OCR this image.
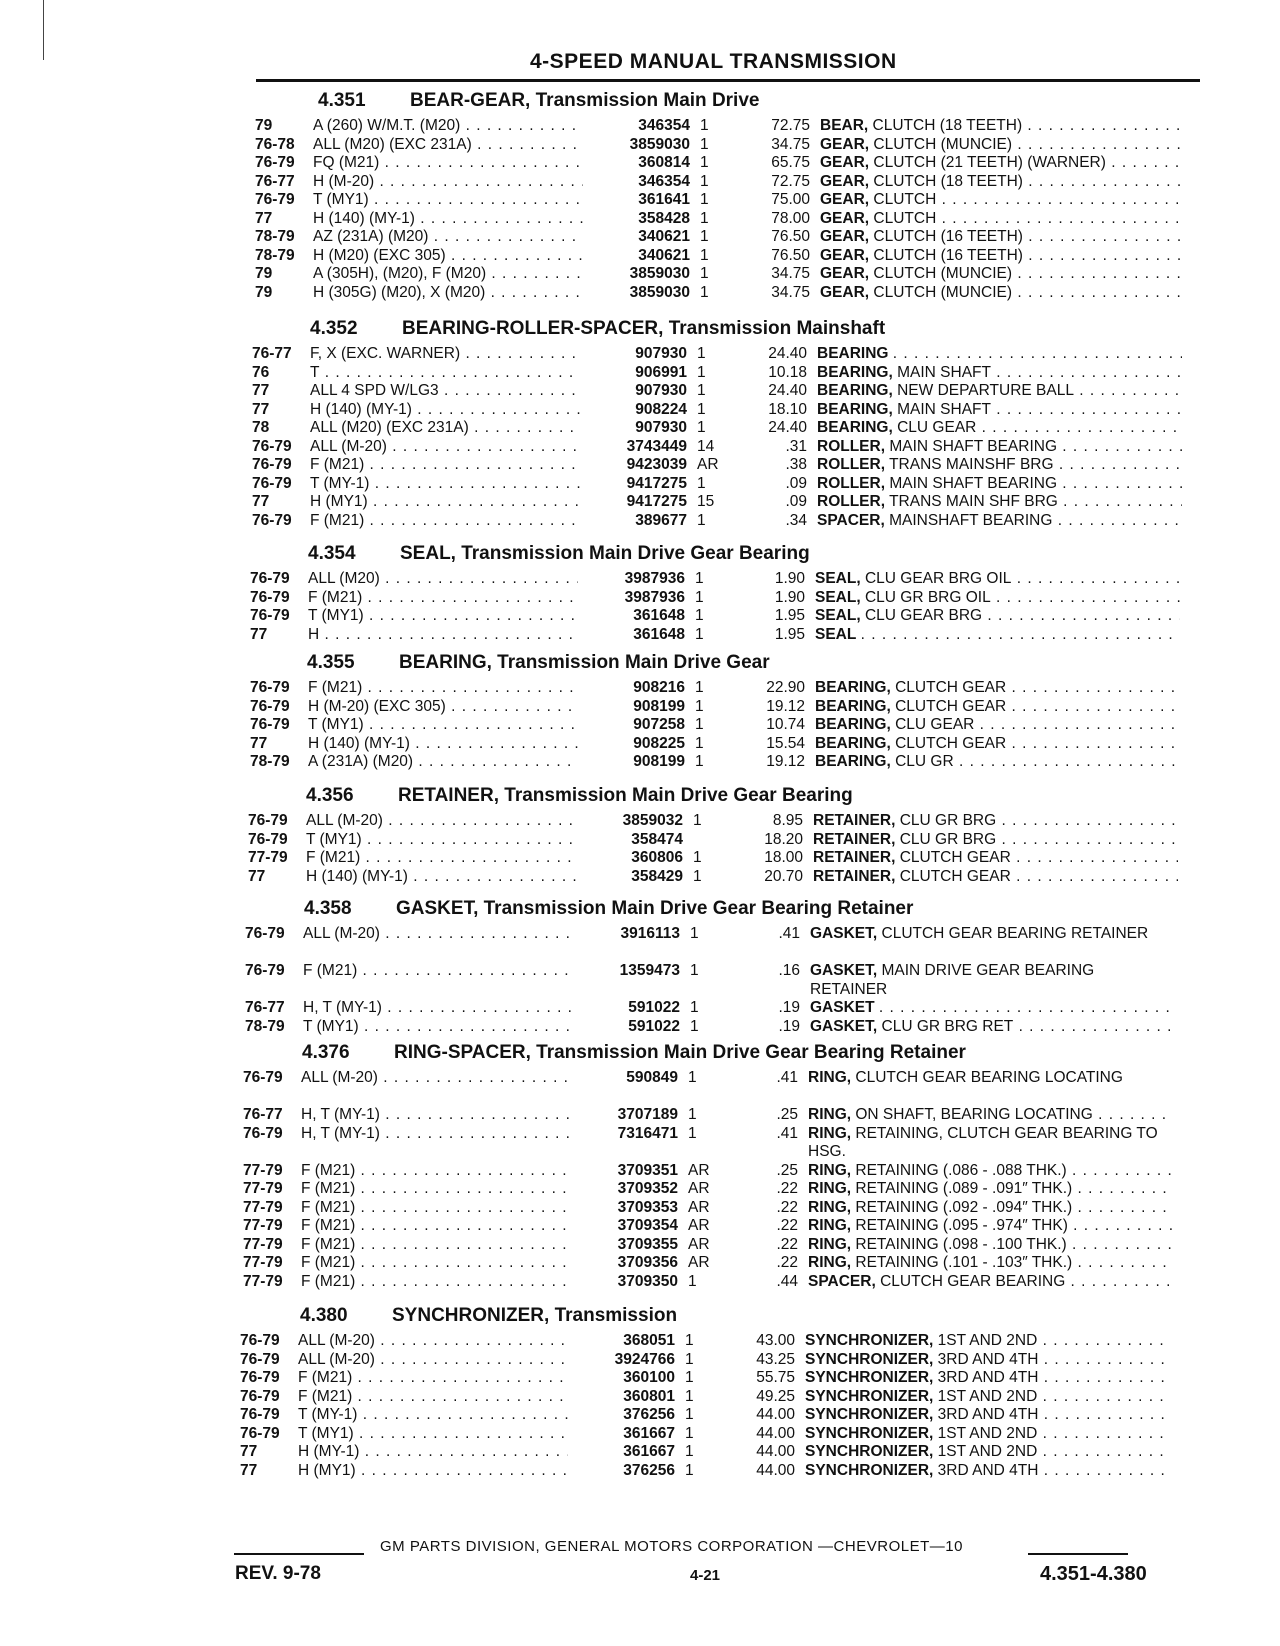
4-SPEED MANUAL TRANSMISSION
4.351 BEAR-GEAR, Transmission Main Drive
79	A (260) W/M.T. (M20) . . .	346354 1	72.75 BEAR, CLUTCH (18 TEETH) . . .
76-78	ALL (M20) (EXC 231A) . . .	3859030 1	34.75 GEAR, CLUTCH (MUNCIE) . . .
76-79	FQ (M21) . . .	360814 1	65.75 GEAR, CLUTCH (21 TEETH) (WARNER) . . .
76-77	H (M-20) . . .	346354 1	72.75 GEAR, CLUTCH (18 TEETH) . . .
76-79	T (MY1) . . .	361641 1	75.00 GEAR, CLUTCH . . .
77	H (140) (MY-1) . . .	358428 1	78.00 GEAR, CLUTCH . . .
78-79	AZ (231A) (M20) . . .	340621 1	76.50 GEAR, CLUTCH (16 TEETH) . . .
78-79	H (M20) (EXC 305) . . .	340621 1	76.50 GEAR, CLUTCH (16 TEETH) . . .
79	A (305H), (M20), F (M20) . . .	3859030 1	34.75 GEAR, CLUTCH (MUNCIE) . . .
79	H (305G) (M20), X (M20) . . .	3859030 1	34.75 GEAR, CLUTCH (MUNCIE) . . .
4.352 BEARING-ROLLER-SPACER, Transmission Mainshaft
76-77	F, X (EXC. WARNER) . . .	907930 1	24.40 BEARING . . .
76	T . . .	906991 1	10.18 BEARING, MAIN SHAFT . . .
77	ALL 4 SPD W/LG3 . . .	907930 1	24.40 BEARING, NEW DEPARTURE BALL . . .
77	H (140) (MY-1) . . .	908224 1	18.10 BEARING, MAIN SHAFT . . .
78	ALL (M20) (EXC 231A) . . .	907930 1	24.40 BEARING, CLU GEAR . . .
76-79	ALL (M-20) . . .	3743449 14	.31 ROLLER, MAIN SHAFT BEARING . . .
76-79	F (M21) . . .	9423039 AR	.38 ROLLER, TRANS MAINSHF BRG . . .
76-79	T (MY-1) . . .	9417275 1	.09 ROLLER, MAIN SHAFT BEARING . . .
77	H (MY1) . . .	9417275 15	.09 ROLLER, TRANS MAIN SHF BRG . . .
76-79	F (M21) . . .	389677 1	.34 SPACER, MAINSHAFT BEARING . . .
4.354 SEAL, Transmission Main Drive Gear Bearing
76-79	ALL (M20) . . .	3987936 1	1.90 SEAL, CLU GEAR BRG OIL . . .
76-79	F (M21) . . .	3987936 1	1.90 SEAL, CLU GR BRG OIL . . .
76-79	T (MY1) . . .	361648 1	1.95 SEAL, CLU GEAR BRG . . .
77	H . . .	361648 1	1.95 SEAL . . .
4.355 BEARING, Transmission Main Drive Gear
76-79	F (M21) . . .	908216 1	22.90 BEARING, CLUTCH GEAR . . .
76-79	H (M-20) (EXC 305) . . .	908199 1	19.12 BEARING, CLUTCH GEAR . . .
76-79	T (MY1) . . .	907258 1	10.74 BEARING, CLU GEAR . . .
77	H (140) (MY-1) . . .	908225 1	15.54 BEARING, CLUTCH GEAR . . .
78-79	A (231A) (M20) . . .	908199 1	19.12 BEARING, CLU GR . . .
4.356 RETAINER, Transmission Main Drive Gear Bearing
76-79	ALL (M-20) . . .	3859032 1	8.95 RETAINER, CLU GR BRG . . .
76-79	T (MY1) . . .	358474	18.20 RETAINER, CLU GR BRG . . .
77-79	F (M21) . . .	360806 1	18.00 RETAINER, CLUTCH GEAR . . .
77	H (140) (MY-1) . . .	358429 1	20.70 RETAINER, CLUTCH GEAR . . .
4.358 GASKET, Transmission Main Drive Gear Bearing Retainer
76-79	ALL (M-20) . . .	3916113 1	.41 GASKET, CLUTCH GEAR BEARING RETAINER
76-79	F (M21) . . .	1359473 1	.16 GASKET, MAIN DRIVE GEAR BEARING RETAINER
76-77	H, T (MY-1) . . .	591022 1	.19 GASKET . . .
78-79	T (MY1) . . .	591022 1	.19 GASKET, CLU GR BRG RET . . .
4.376 RING-SPACER, Transmission Main Drive Gear Bearing Retainer
76-79	ALL (M-20) . . .	590849 1	.41 RING, CLUTCH GEAR BEARING LOCATING
76-77	H, T (MY-1) . . .	3707189 1	.25 RING, ON SHAFT, BEARING LOCATING . . .
76-79	H, T (MY-1) . . .	7316471 1	.41 RING, RETAINING, CLUTCH GEAR BEARING TO HSG.
77-79	F (M21) . . .	3709351 AR	.25 RING, RETAINING (.086 - .088 THK.) . . .
77-79	F (M21) . . .	3709352 AR	.22 RING, RETAINING (.089 - .091″ THK.) . . .
77-79	F (M21) . . .	3709353 AR	.22 RING, RETAINING (.092 - .094″ THK.) . . .
77-79	F (M21) . . .	3709354 AR	.22 RING, RETAINING (.095 - .974″ THK) . . .
77-79	F (M21) . . .	3709355 AR	.22 RING, RETAINING (.098 - .100 THK.) . . .
77-79	F (M21) . . .	3709356 AR	.22 RING, RETAINING (.101 - .103″ THK.) . . .
77-79	F (M21) . . .	3709350 1	.44 SPACER, CLUTCH GEAR BEARING . . .
4.380 SYNCHRONIZER, Transmission
76-79	ALL (M-20) . . .	368051 1	43.00 SYNCHRONIZER, 1ST AND 2ND . . .
76-79	ALL (M-20) . . .	3924766 1	43.25 SYNCHRONIZER, 3RD AND 4TH . . .
76-79	F (M21) . . .	360100 1	55.75 SYNCHRONIZER, 3RD AND 4TH . . .
76-79	F (M21) . . .	360801 1	49.25 SYNCHRONIZER, 1ST AND 2ND . . .
76-79	T (MY-1) . . .	376256 1	44.00 SYNCHRONIZER, 3RD AND 4TH . . .
76-79	T (MY1) . . .	361667 1	44.00 SYNCHRONIZER, 1ST AND 2ND . . .
77	H (MY-1) . . .	361667 1	44.00 SYNCHRONIZER, 1ST AND 2ND . . .
77	H (MY1) . . .	376256 1	44.00 SYNCHRONIZER, 3RD AND 4TH . . .
GM PARTS DIVISION, GENERAL MOTORS CORPORATION —CHEVROLET—10
REV. 9-78	4-21	4.351-4.380
